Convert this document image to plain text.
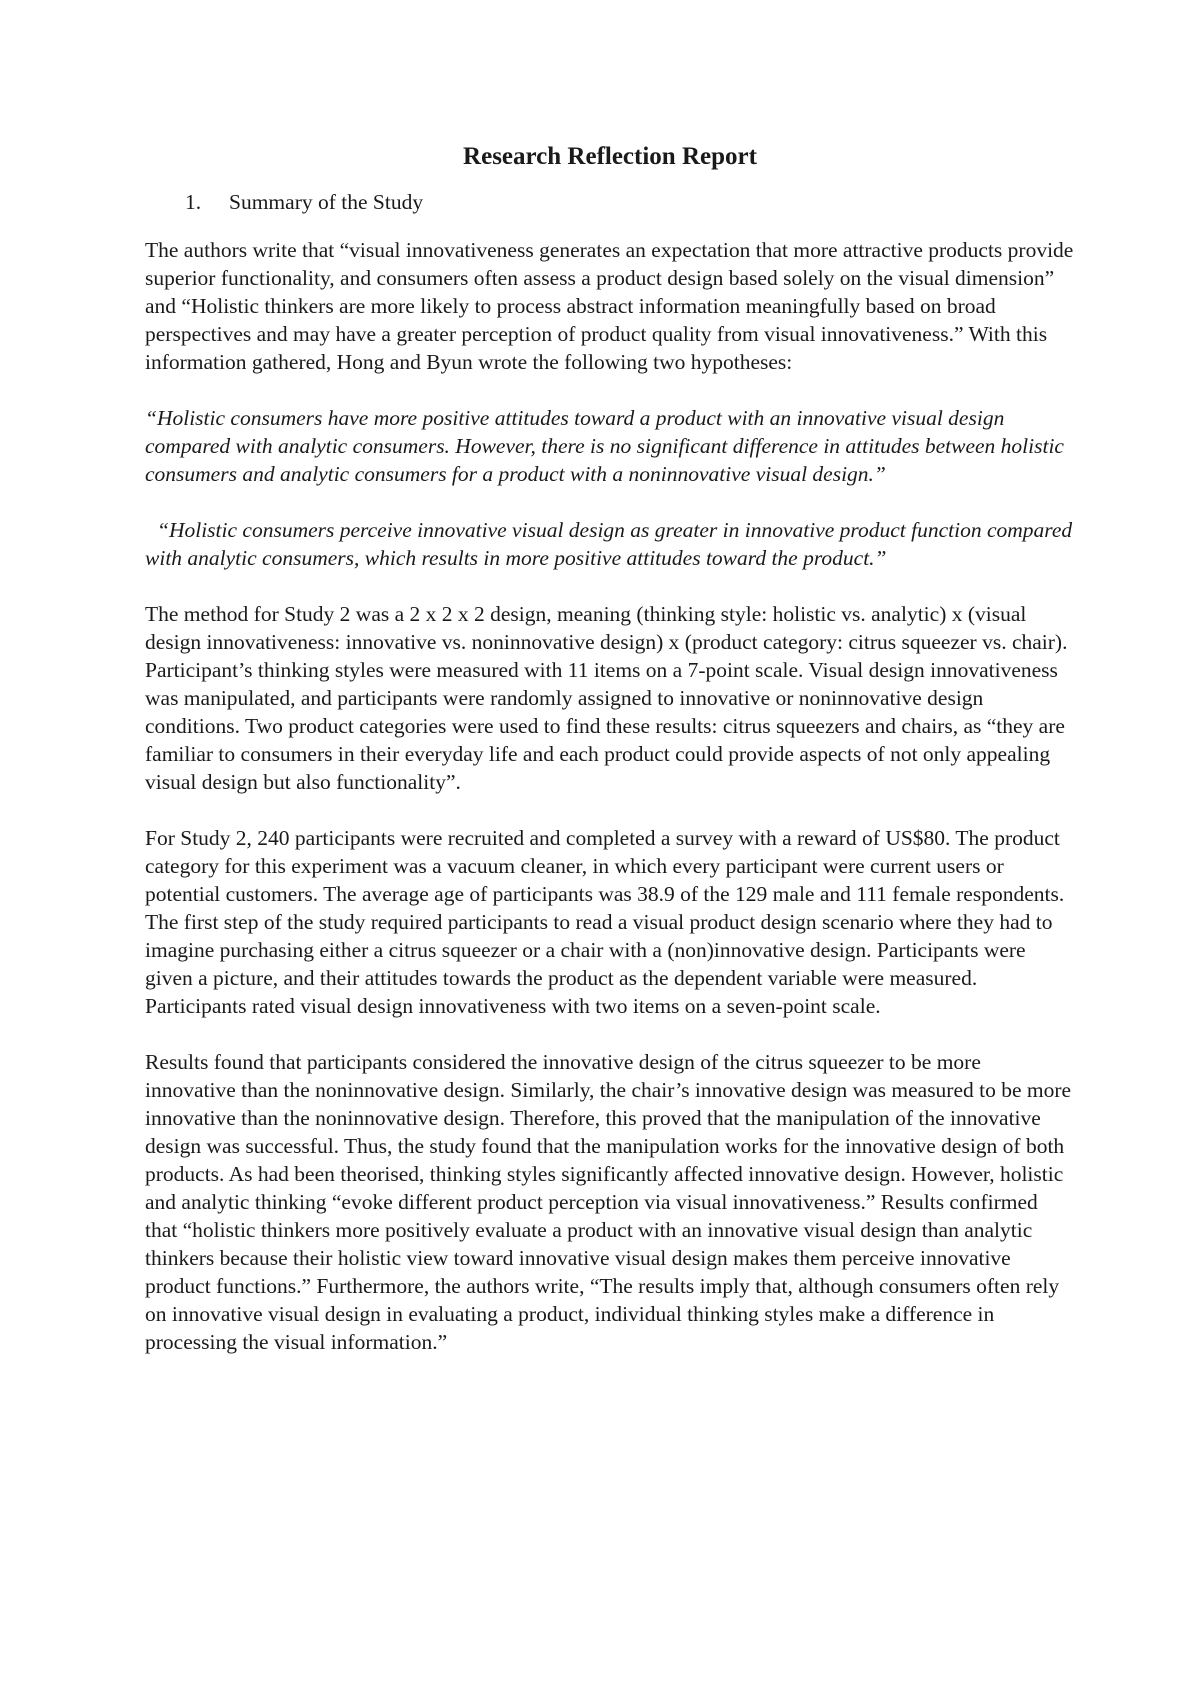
Research Reflection Report
1.	Summary of the Study

The authors write that “visual innovativeness generates an expectation that more attractive products provide superior functionality, and consumers often assess a product design based solely on the visual dimension” and “Holistic thinkers are more likely to process abstract information meaningfully based on broad perspectives and may have a greater perception of product quality from visual innovativeness.” With this information gathered, Hong and Byun wrote the following two hypotheses:

“Holistic consumers have more positive attitudes toward a product with an innovative visual design compared with analytic consumers. However, there is no significant difference in attitudes between holistic consumers and analytic consumers for a product with a noninnovative visual design.”

“Holistic consumers perceive innovative visual design as greater in innovative product function compared with analytic consumers, which results in more positive attitudes toward the product.”

The method for Study 2 was a 2 x 2 x 2 design, meaning (thinking style: holistic vs. analytic) x (visual design innovativeness: innovative vs. noninnovative design) x (product category: citrus squeezer vs. chair). Participant’s thinking styles were measured with 11 items on a 7-point scale. Visual design innovativeness was manipulated, and participants were randomly assigned to innovative or noninnovative design conditions. Two product categories were used to find these results: citrus squeezers and chairs, as “they are familiar to consumers in their everyday life and each product could provide aspects of not only appealing visual design but also functionality”.

For Study 2, 240 participants were recruited and completed a survey with a reward of US$80. The product category for this experiment was a vacuum cleaner, in which every participant were current users or potential customers. The average age of participants was 38.9 of the 129 male and 111 female respondents. The first step of the study required participants to read a visual product design scenario where they had to imagine purchasing either a citrus squeezer or a chair with a (non)innovative design. Participants were given a picture, and their attitudes towards the product as the dependent variable were measured. Participants rated visual design innovativeness with two items on a seven-point scale.

Results found that participants considered the innovative design of the citrus squeezer to be more innovative than the noninnovative design. Similarly, the chair’s innovative design was measured to be more innovative than the noninnovative design. Therefore, this proved that the manipulation of the innovative design was successful. Thus, the study found that the manipulation works for the innovative design of both products. As had been theorised, thinking styles significantly affected innovative design. However, holistic and analytic thinking “evoke different product perception via visual innovativeness.” Results confirmed that “holistic thinkers more positively evaluate a product with an innovative visual design than analytic thinkers because their holistic view toward innovative visual design makes them perceive innovative product functions.” Furthermore, the authors write, “The results imply that, although consumers often rely on innovative visual design in evaluating a product, individual thinking styles make a difference in processing the visual information.”
